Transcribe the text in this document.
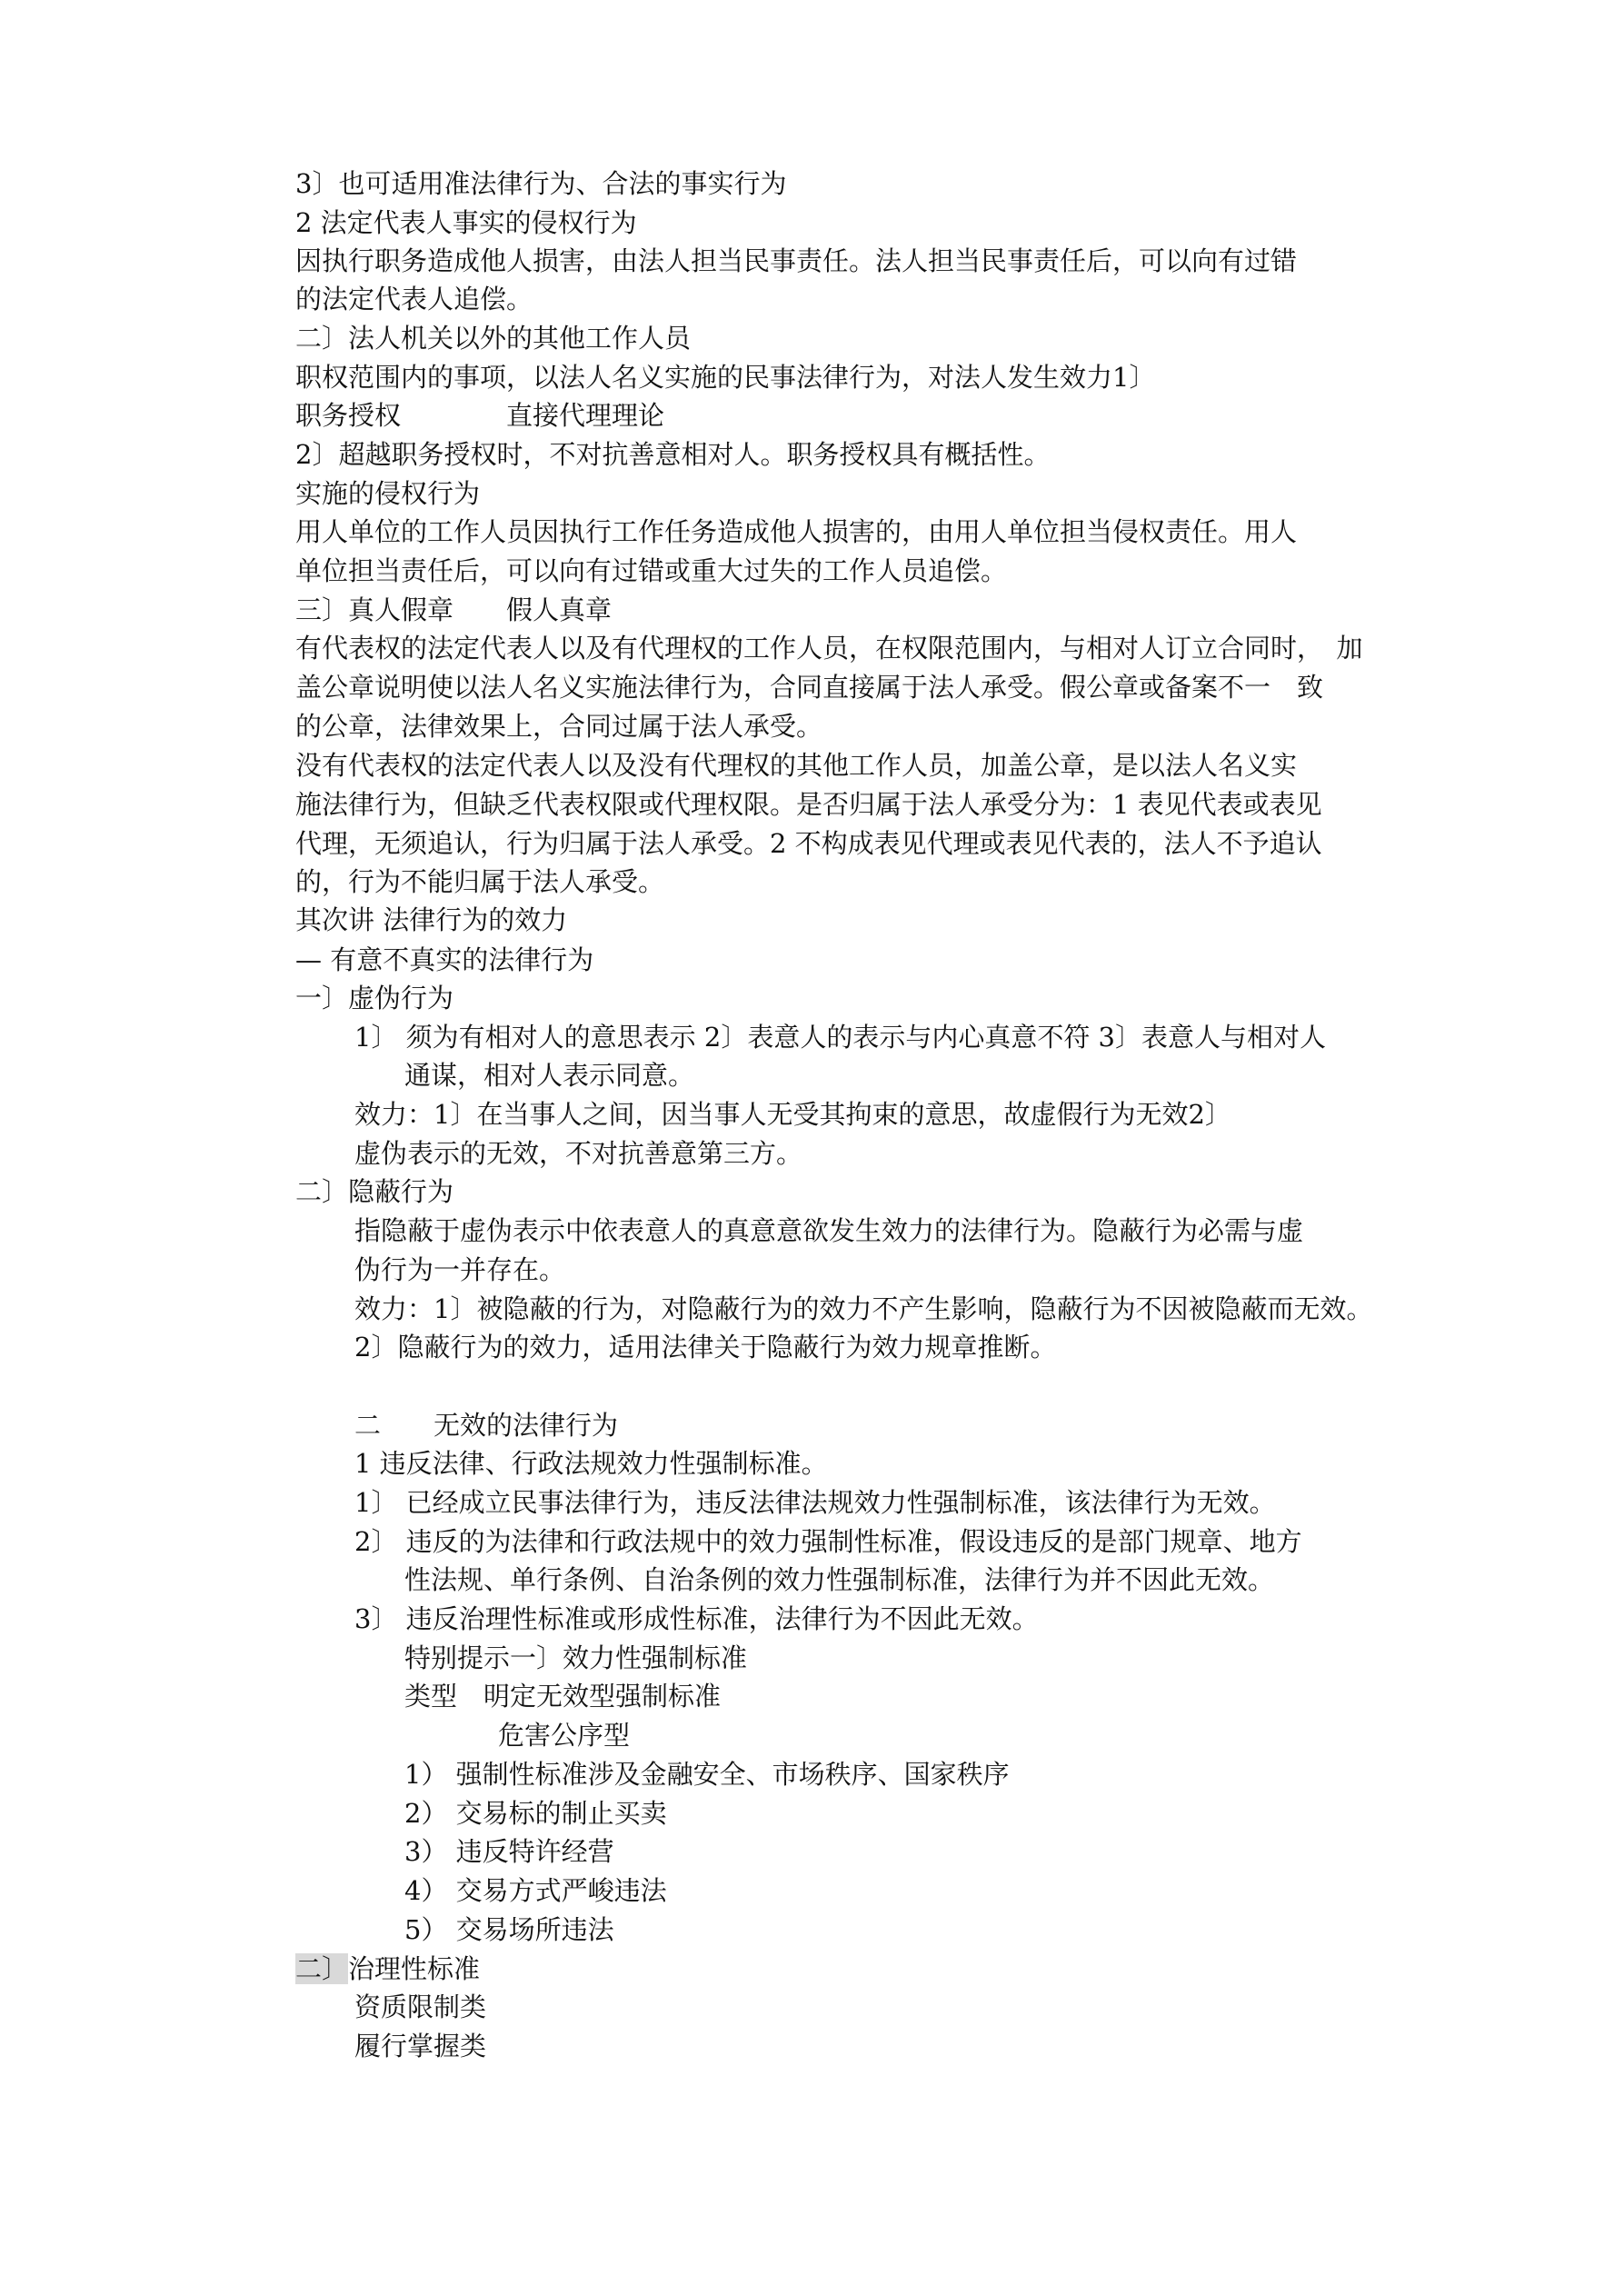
3〕也可适用准法律行为、合法的事实行为
2 法定代表人事实的侵权行为
因执行职务造成他人损害，由法人担当民事责任。法人担当民事责任后，可以向有过错
的法定代表人追偿。
二〕法人机关以外的其他工作人员
职权范围内的事项，以法人名义实施的民事法律行为，对法人发生效力1〕
职务授权　　　　直接代理理论
2〕超越职务授权时，不对抗善意相对人。职务授权具有概括性。
实施的侵权行为
用人单位的工作人员因执行工作任务造成他人损害的，由用人单位担当侵权责任。用人
单位担当责任后，可以向有过错或重大过失的工作人员追偿。
三〕真人假章　　假人真章
有代表权的法定代表人以及有代理权的工作人员，在权限范围内，与相对人订立合同时，　加
盖公章说明使以法人名义实施法律行为，合同直接属于法人承受。假公章或备案不一　致
的公章，法律效果上，合同过属于法人承受。
没有代表权的法定代表人以及没有代理权的其他工作人员，加盖公章，是以法人名义实
施法律行为，但缺乏代表权限或代理权限。是否归属于法人承受分为：1 表见代表或表见
代理，无须追认，行为归属于法人承受。2 不构成表见代理或表见代表的，法人不予追认
的，行为不能归属于法人承受。
其次讲 法律行为的效力
— 有意不真实的法律行为
一〕虚伪行为
1〕 须为有相对人的意思表示 2〕表意人的表示与内心真意不符 3〕表意人与相对人
通谋，相对人表示同意。
效力：1〕在当事人之间，因当事人无受其拘束的意思，故虚假行为无效2〕
虚伪表示的无效，不对抗善意第三方。
二〕隐蔽行为
指隐蔽于虚伪表示中依表意人的真意意欲发生效力的法律行为。隐蔽行为必需与虚
伪行为一并存在。
效力：1〕被隐蔽的行为，对隐蔽行为的效力不产生影响，隐蔽行为不因被隐蔽而无效。
2〕隐蔽行为的效力，适用法律关于隐蔽行为效力规章推断。
二　　无效的法律行为
1 违反法律、行政法规效力性强制标准。
1〕 已经成立民事法律行为，违反法律法规效力性强制标准，该法律行为无效。
2〕 违反的为法律和行政法规中的效力强制性标准，假设违反的是部门规章、地方
性法规、单行条例、自治条例的效力性强制标准，法律行为并不因此无效。
3〕 违反治理性标准或形成性标准，法律行为不因此无效。
特别提示一〕效力性强制标准
类型　明定无效型强制标准
危害公序型
1） 强制性标准涉及金融安全、市场秩序、国家秩序
2） 交易标的制止买卖
3） 违反特许经营
4） 交易方式严峻违法
5） 交易场所违法
二〕治理性标准
资质限制类
履行掌握类
